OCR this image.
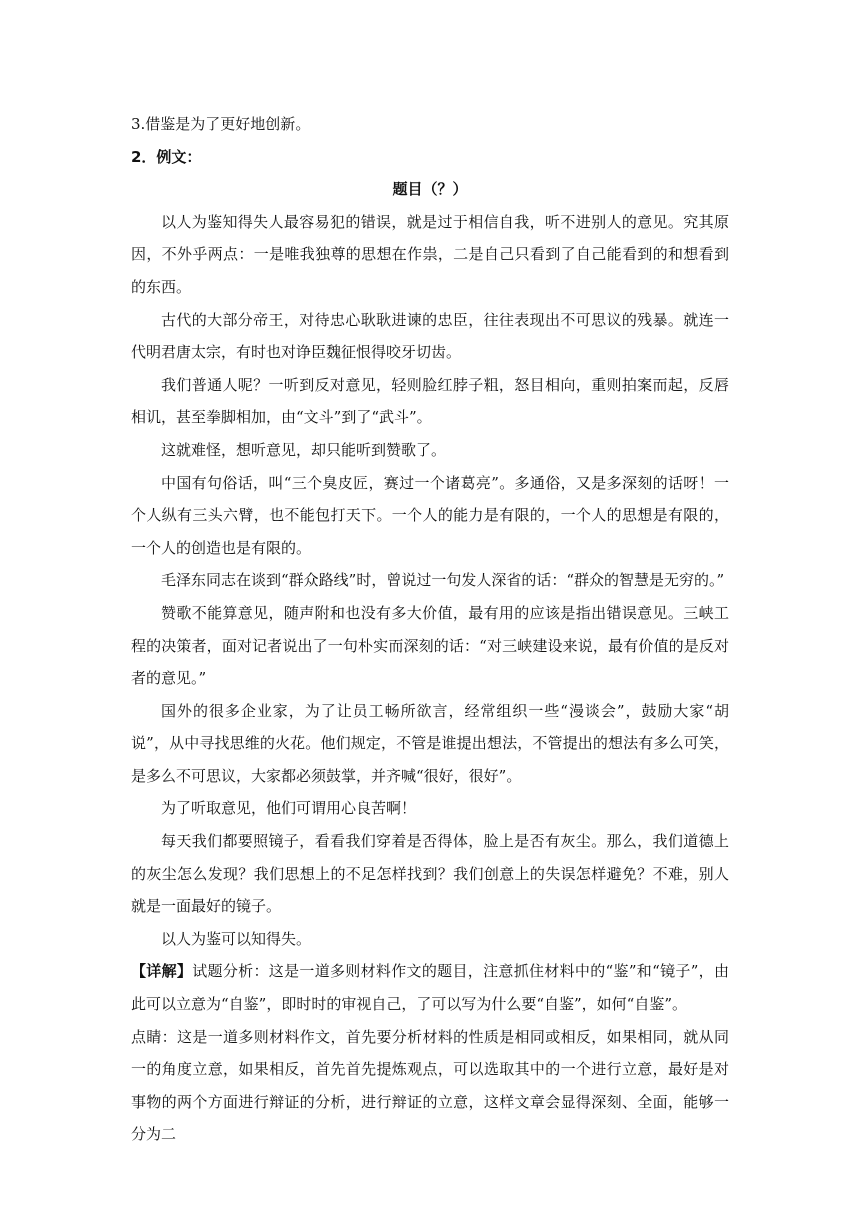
3.借鉴是为了更好地创新。

2．例文：

题目（？）

以人为鉴知得失人最容易犯的错误，就是过于相信自我，听不进别人的意见。究其原因，不外乎两点：一是唯我独尊的思想在作祟，二是自己只看到了自己能看到的和想看到的东西。

古代的大部分帝王，对待忠心耿耿进谏的忠臣，往往表现出不可思议的残暴。就连一代明君唐太宗，有时也对诤臣魏征恨得咬牙切齿。

我们普通人呢？一听到反对意见，轻则脸红脖子粗，怒目相向，重则拍案而起，反唇相讥，甚至拳脚相加，由“文斗”到了“武斗”。

这就难怪，想听意见，却只能听到赞歌了。

中国有句俗话，叫“三个臭皮匠，赛过一个诸葛亮”。多通俗，又是多深刻的话呀！一个人纵有三头六臂，也不能包打天下。一个人的能力是有限的，一个人的思想是有限的，一个人的创造也是有限的。

毛泽东同志在谈到“群众路线”时，曾说过一句发人深省的话：“群众的智慧是无穷的。”

赞歌不能算意见，随声附和也没有多大价值，最有用的应该是指出错误意见。三峡工程的决策者，面对记者说出了一句朴实而深刻的话：“对三峡建设来说，最有价值的是反对者的意见。”

国外的很多企业家，为了让员工畅所欲言，经常组织一些“漫谈会”，鼓励大家“胡说”，从中寻找思维的火花。他们规定，不管是谁提出想法，不管提出的想法有多么可笑，是多么不可思议，大家都必须鼓掌，并齐喊“很好，很好”。

为了听取意见，他们可谓用心良苦啊！

每天我们都要照镜子，看看我们穿着是否得体，脸上是否有灰尘。那么，我们道德上的灰尘怎么发现？我们思想上的不足怎样找到？我们创意上的失误怎样避免？不难，别人就是一面最好的镜子。

以人为鉴可以知得失。

【详解】试题分析：这是一道多则材料作文的题目，注意抓住材料中的“鉴”和“镜子”，由此可以立意为“自鉴”，即时时的审视自己，了可以写为什么要“自鉴”，如何“自鉴”。

点睛：这是一道多则材料作文，首先要分析材料的性质是相同或相反，如果相同，就从同一的角度立意，如果相反，首先首先提炼观点，可以选取其中的一个进行立意，最好是对事物的两个方面进行辩证的分析，进行辩证的立意，这样文章会显得深刻、全面，能够一分为二
